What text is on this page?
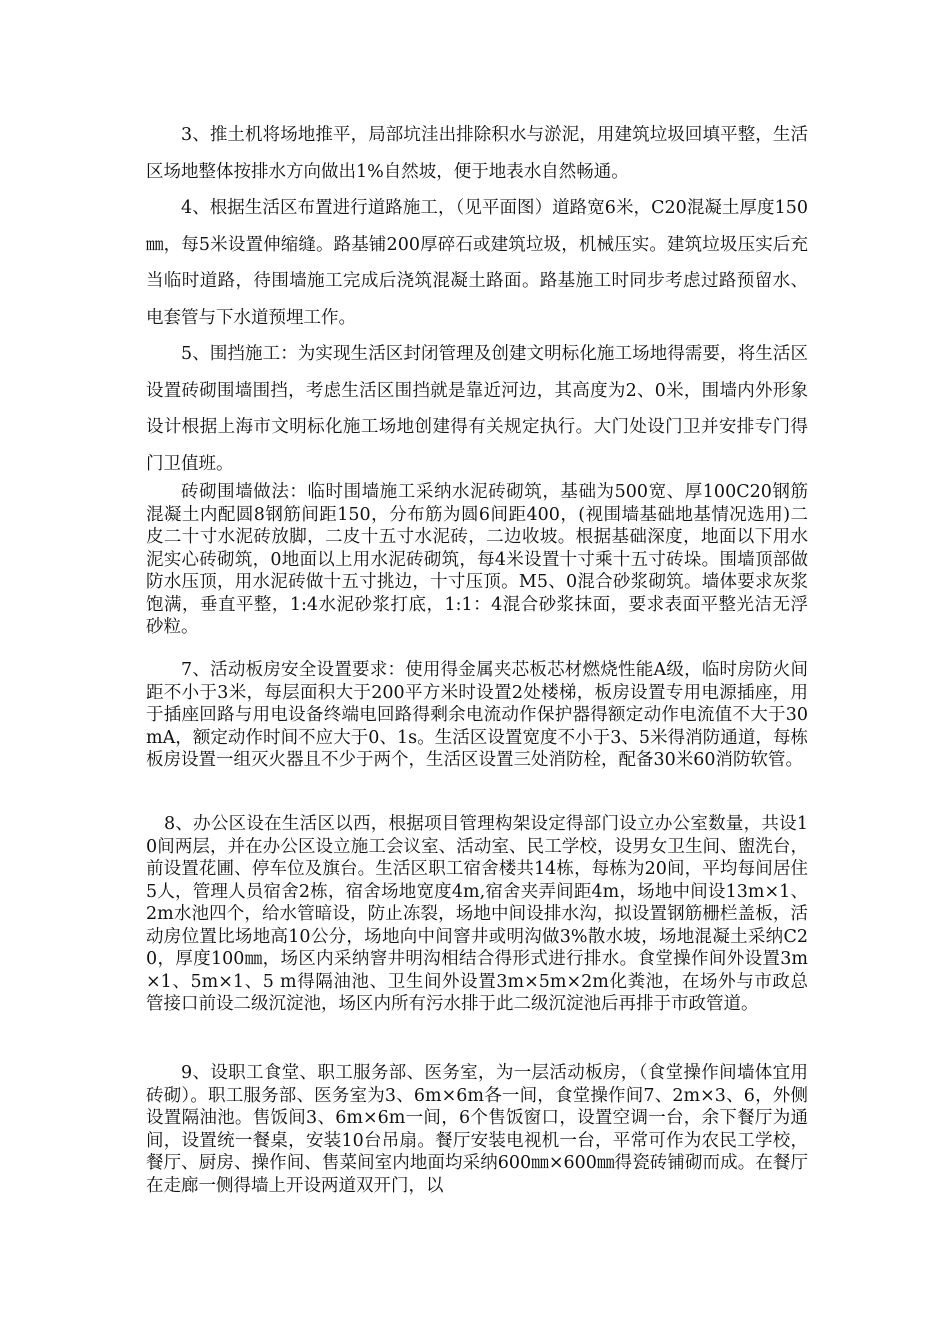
3、推土机将场地推平，局部坑洼出排除积水与淤泥，用建筑垃圾回填平整，生活区场地整体按排水方向做出1%自然坡，便于地表水自然畅通。

4、根据生活区布置进行道路施工，（见平面图）道路宽6米，C20混凝土厚度150㎜，每5米设置伸缩缝。路基铺200厚碎石或建筑垃圾，机械压实。建筑垃圾压实后充当临时道路，待围墙施工完成后浇筑混凝土路面。路基施工时同步考虑过路预留水、电套管与下水道预埋工作。

5、围挡施工：为实现生活区封闭管理及创建文明标化施工场地得需要，将生活区设置砖砌围墙围挡，考虑生活区围挡就是靠近河边，其高度为2、0米，围墙内外形象设计根据上海市文明标化施工场地创建得有关规定执行。大门处设门卫并安排专门得门卫值班。

砖砌围墙做法：临时围墙施工采纳水泥砖砌筑，基础为500宽、厚100C20钢筋混凝土内配圆8钢筋间距150，分布筋为圆6间距400，(视围墙基础地基情况选用)二皮二十寸水泥砖放脚，二皮十五寸水泥砖，二边收坡。根据基础深度，地面以下用水泥实心砖砌筑，0地面以上用水泥砖砌筑，每4米设置十寸乘十五寸砖垛。围墙顶部做防水压顶，用水泥砖做十五寸挑边，十寸压顶。M5、0混合砂浆砌筑。墙体要求灰浆饱满，垂直平整，1:4水泥砂浆打底，1:1：4混合砂浆抹面，要求表面平整光洁无浮砂粒。

7、活动板房安全设置要求：使用得金属夹芯板芯材燃烧性能A级，临时房防火间距不小于3米，每层面积大于200平方米时设置2处楼梯，板房设置专用电源插座，用于插座回路与用电设备终端电回路得剩余电流动作保护器得额定动作电流值不大于30mA，额定动作时间不应大于0、1s。生活区设置宽度不小于3、5米得消防通道，每栋板房设置一组灭火器且不少于两个，生活区设置三处消防栓，配备30米60消防软管。

8、办公区设在生活区以西，根据项目管理构架设定得部门设立办公室数量，共设10间两层，并在办公区设立施工会议室、活动室、民工学校，设男女卫生间、盥洗台，前设置花圃、停车位及旗台。生活区职工宿舍楼共14栋，每栋为20间，平均每间居住5人，管理人员宿舍2栋，宿舍场地宽度4m,宿舍夹弄间距4m，场地中间设13m×1、2m水池四个，给水管暗设，防止冻裂，场地中间设排水沟，拟设置钢筋栅栏盖板，活动房位置比场地高10公分，场地向中间窨井或明沟做3%散水坡，场地混凝土采纳C20，厚度100㎜，场区内采纳窨井明沟相结合得形式进行排水。食堂操作间外设置3m×1、5m×1、5 m得隔油池、卫生间外设置3m×5m×2m化粪池，在场外与市政总管接口前设二级沉淀池，场区内所有污水排于此二级沉淀池后再排于市政管道。

9、设职工食堂、职工服务部、医务室，为一层活动板房，（食堂操作间墙体宜用砖砌）。职工服务部、医务室为3、6m×6m各一间，食堂操作间7、2m×3、6，外侧设置隔油池。售饭间3、6m×6m一间，6个售饭窗口，设置空调一台，余下餐厅为通间，设置统一餐桌，安装10台吊扇。餐厅安装电视机一台，平常可作为农民工学校，餐厅、厨房、操作间、售菜间室内地面均采纳600㎜×600㎜得瓷砖铺砌而成。在餐厅在走廊一侧得墙上开设两道双开门，以
